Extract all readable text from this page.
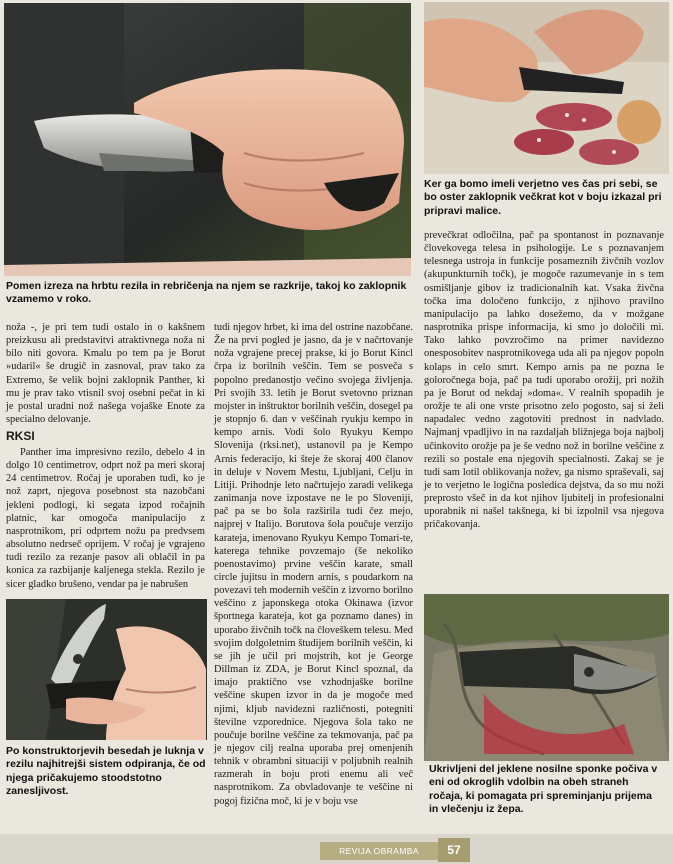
Pomen izreza na hrbtu rezila in rebričenja na njem se razkrije, takoj ko zaklopnik vzamemo v roko.
Ker ga bomo imeli verjetno ves čas pri sebi, se bo oster zaklopnik večkrat kot v boju izkazal pri pripravi malice.

noža -, je pri tem tudi ostalo in o kakšnem preizkusu ali predstavitvi atraktivnega noža ni bilo niti govora. Kmalu po tem pa je Borut »udaril« še drugič in zasnoval, prav tako za Extremo, še velik bojni zaklopnik Panther, ki mu je prav tako vtisnil svoj osebni pečat in ki je postal uradni nož našega vojaške Enote za specialno delovanje.

RKSI

Panther ima impresivno rezilo, debelo 4 in dolgo 10 centimetrov, odprt nož pa meri skoraj 24 centimetrov. Ročaj je uporaben tudi, ko je nož zaprt, njegova posebnost sta nazobčani jekleni podlogi, ki segata izpod ročajnih platnic, kar omogoča manipulacijo z nasprotnikom, pri odprtem nožu pa predvsem absolutno nedrseč oprijem. V ročaj je vgrajeno tudi rezilo za rezanje pasov ali oblačil in pa konica za razbijanje kaljenega stekla. Rezilo je sicer gladko brušeno, vendar pa je nabrušen

Po konstruktorjevih besedah je luknja v rezilu najhitrejši sistem odpiranja, če od njega pričakujemo stoodstotno zanesljivost.

tudi njegov hrbet, ki ima del ostrine nazobčane. Že na prvi pogled je jasno, da je v načrtovanje noža vgrajene precej prakse, ki jo Borut Kincl črpa iz borilnih veščin. Tem se posveča s popolno predanostjo večino svojega življenja. Pri svojih 33. letih je Borut svetovno priznan mojster in inštruktor borilnih veščin, dosegel pa je stopnjo 6. dan v veščinah ryukju kempo in kempo arnis. Vodi šolo Ryukyu Kempo Slovenija (rksi.net), ustanovil pa je Kempo Arnis federacijo, ki šteje že skoraj 400 članov in deluje v Novem Mestu, Ljubljani, Celju in Litiji. Prihodnje leto načrtujejo zaradi velikega zanimanja nove izpostave ne le po Sloveniji, pač pa se bo šola razširila tudi čez mejo, najprej v Italijo. Borutova šola poučuje verzijo karateja, imenovano Ryukyu Kempo Tomari-te, katerega tehnike povzemajo (še nekoliko poenostavimo) prvine veščin karate, small circle jujitsu in modern arnis, s poudarkom na povezavi teh modernih veščin z izvorno borilno veščino z japonskega otoka Okinawa (izvor športnega karateja, kot ga poznamo danes) in uporabo živčnih točk na človeškem telesu. Med svojim dolgoletnim študijem borilnih veščin, ki se jih je učil pri mojstrih, kot je George Dillman iz ZDA, je Borut Kincl spoznal, da imajo praktično vse vzhodnjaške borilne veščine skupen izvor in da je mogoče med njimi, kljub navidezni različnosti, potegniti številne vzporednice. Njegova šola tako ne poučuje borilne veščine za tekmovanja, pač pa je njegov cilj realna uporaba prej omenjenih tehnik v obrambni situaciji v poljubnih realnih razmerah in boju proti enemu ali več nasprotnikom. Za obvladovanje te veščine ni pogoj fizična moč, ki je v boju vse

prevečkrat odločilna, pač pa spontanost in poznavanje človekovega telesa in psihologije. Le s poznavanjem telesnega ustroja in funkcije posameznih živčnih vozlov (akupunkturnih točk), je mogoče razumevanje in s tem osmišljanje gibov iz tradicionalnih kat. Vsaka živčna točka ima določeno funkcijo, z njihovo pravilno manipulacijo pa lahko dosežemo, da v možgane nasprotnika prispe informacija, ki smo jo določili mi. Tako lahko povzročimo na primer navidezno onesposobitev nasprotnikovega uda ali pa njegov popoln kolaps in celo smrt. Kempo arnis pa ne pozna le goloročnega boja, pač pa tudi uporabo orožij, pri nožih pa je Borut od nekdaj »doma«. V realnih spopadih je orožje te ali one vrste prisotno zelo pogosto, saj si želi napadalec vedno zagotoviti prednost in nadvlado. Najmanj vpadljivo in na razdaljah bližnjega boja najbolj učinkovito orožje pa je še vedno nož in borilne veščine z rezili so postale ena njegovih specialnosti. Zakaj se je tudi sam lotil oblikovanja nožev, ga nismo spraševali, saj je to verjetno le logična posledica dejstva, da so mu noži preprosto všeč in da kot njihov ljubitelj in profesionalni uporabnik ni našel takšnega, ki bi izpolnil vsa njegova pričakovanja.

Ukrivljeni del jeklene nosilne sponke počiva v eni od okroglih vdolbin na obeh straneh ročaja, ki pomagata pri spreminjanju prijema in vlečenju iz žepa.
REVIJA OBRAMBA	57
